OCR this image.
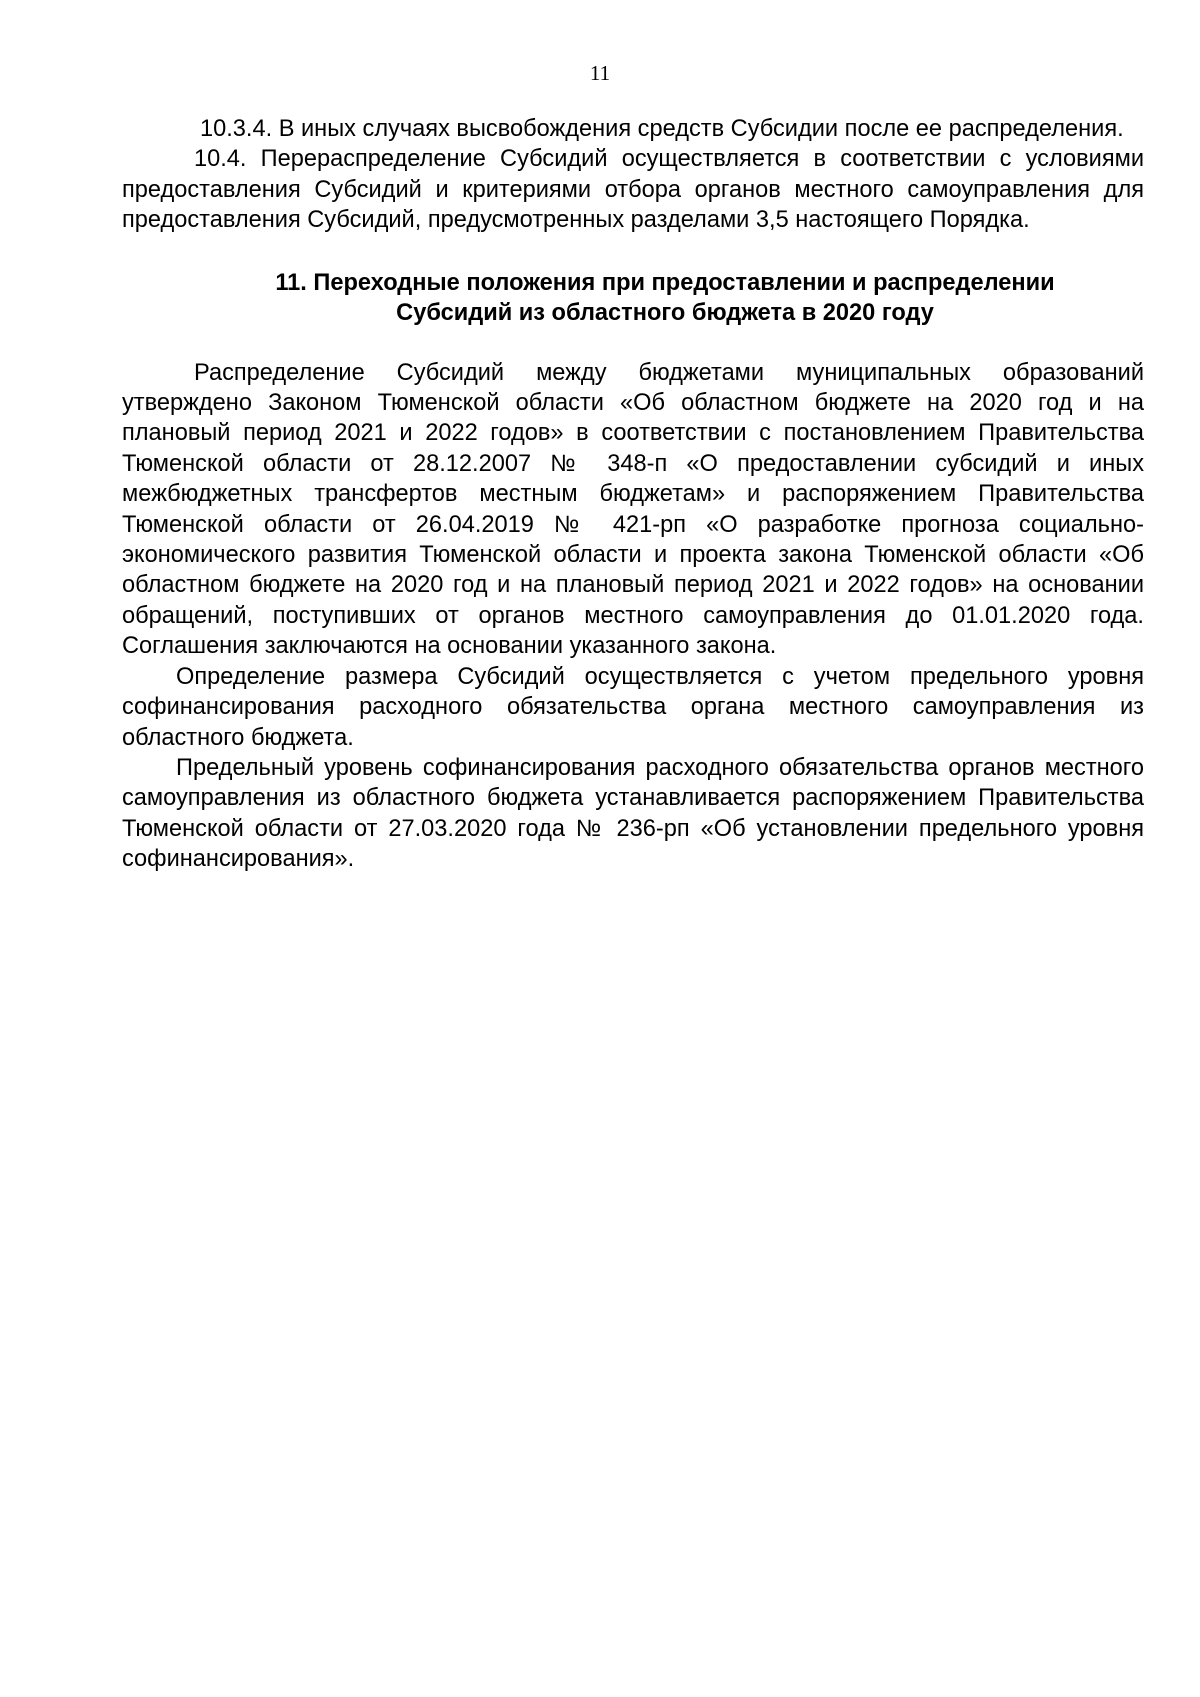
11

10.3.4. В иных случаях высвобождения средств Субсидии после ее распределения.

10.4. Перераспределение Субсидий осуществляется в соответствии с условиями предоставления Субсидий и критериями отбора органов местного самоуправления для предоставления Субсидий, предусмотренных разделами 3,5 настоящего Порядка.

11. Переходные положения при предоставлении и распределении
Субсидий из областного бюджета в 2020 году

Распределение Субсидий между бюджетами муниципальных образований утверждено Законом Тюменской области «Об областном бюджете на 2020 год и на плановый период 2021 и 2022 годов» в соответствии с постановлением Правительства Тюменской области от 28.12.2007 № 348-п «О предоставлении субсидий и иных межбюджетных трансфертов местным бюджетам» и распоряжением Правительства Тюменской области от 26.04.2019 № 421-рп «О разработке прогноза социально-экономического развития Тюменской области и проекта закона Тюменской области «Об областном бюджете на 2020 год и на плановый период 2021 и 2022 годов» на основании обращений, поступивших от органов местного самоуправления до 01.01.2020 года. Соглашения заключаются на основании указанного закона.

Определение размера Субсидий осуществляется с учетом предельного уровня софинансирования расходного обязательства органа местного самоуправления из областного бюджета.

Предельный уровень софинансирования расходного обязательства органов местного самоуправления из областного бюджета устанавливается распоряжением Правительства Тюменской области от 27.03.2020 года № 236-рп «Об установлении предельного уровня софинансирования».
